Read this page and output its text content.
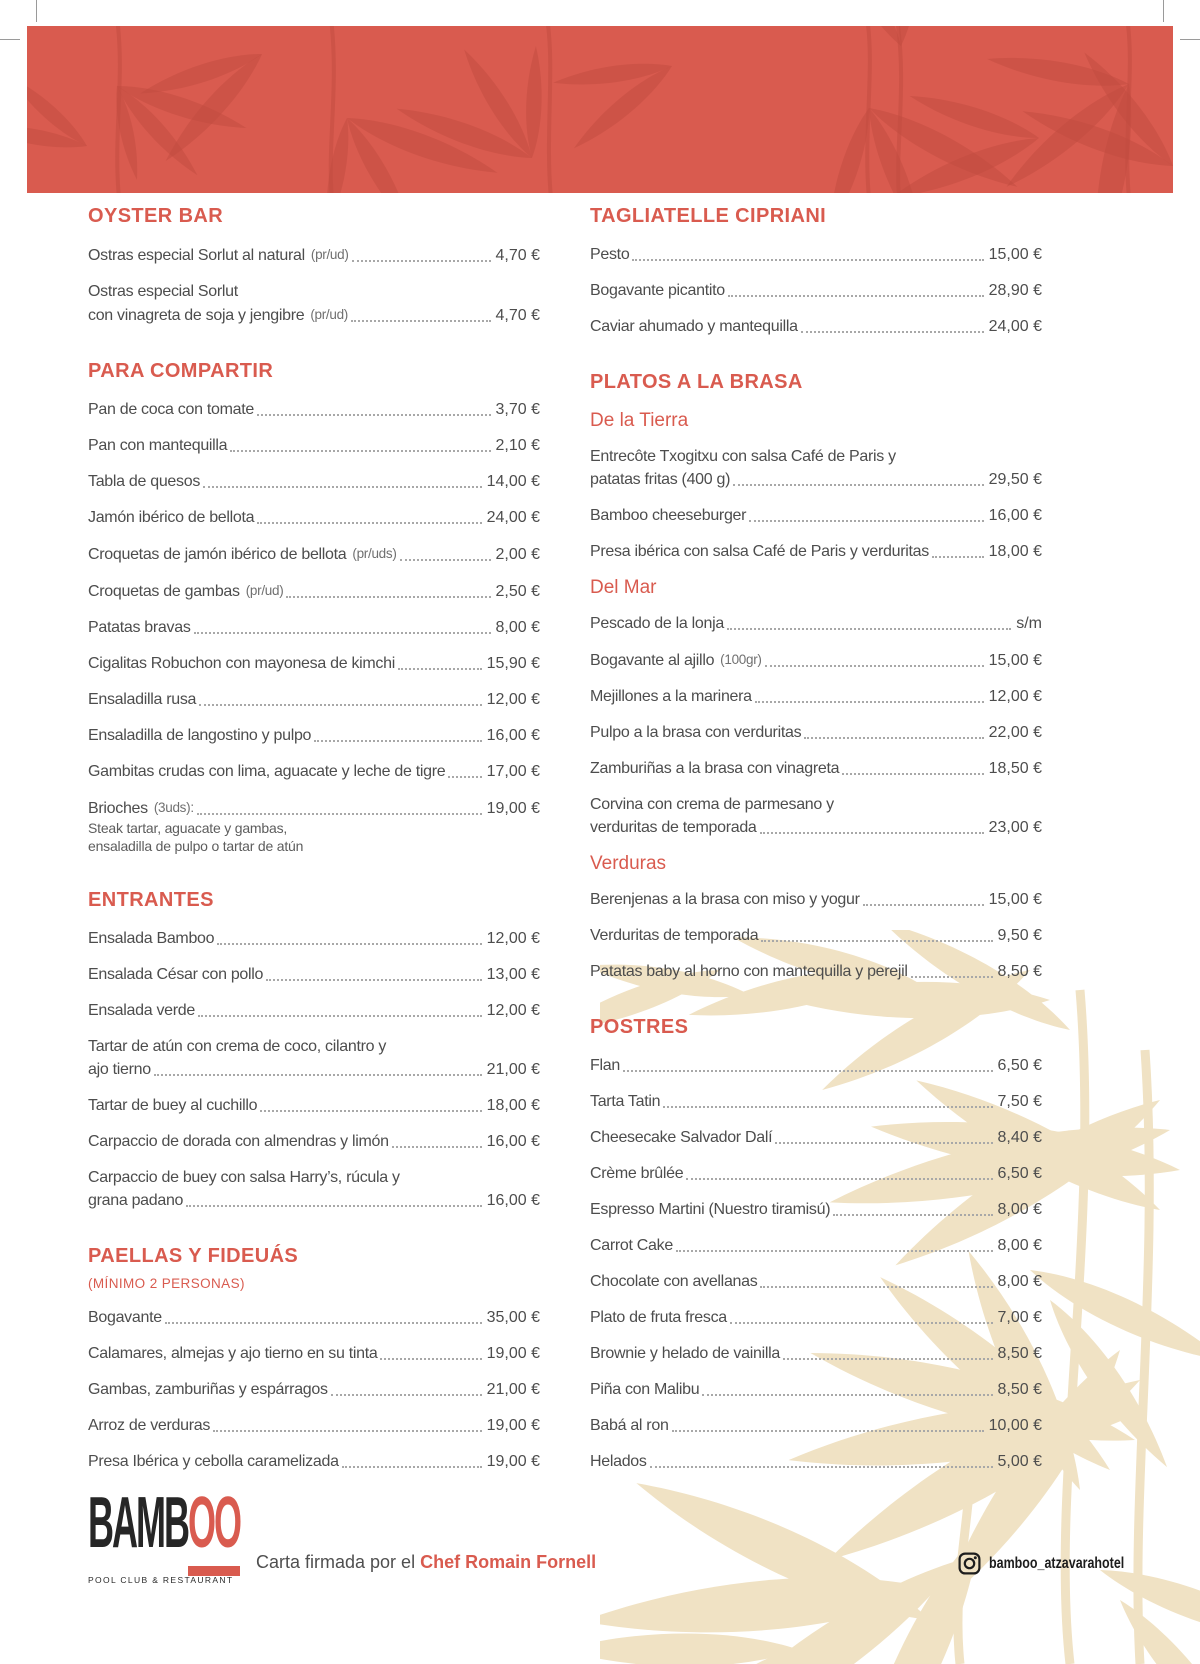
OYSTER BAR
Ostras especial Sorlut al natural (pr/ud)	4,70 €
Ostras especial Sorlut
con vinagreta de soja y jengibre (pr/ud)	4,70 €
PARA COMPARTIR
Pan de coca con tomate	3,70 €
Pan con mantequilla	2,10 €
Tabla de quesos	14,00 €
Jamón ibérico de bellota	24,00 €
Croquetas de jamón ibérico de bellota (pr/uds)	2,00 €
Croquetas de gambas (pr/ud)	2,50 €
Patatas bravas	8,00 €
Cigalitas Robuchon con mayonesa de kimchi	15,90 €
Ensaladilla rusa	12,00 €
Ensaladilla de langostino y pulpo	16,00 €
Gambitas crudas con lima, aguacate y leche de tigre	17,00 €
Brioches (3uds):	19,00 €
Steak tartar, aguacate y gambas,
ensaladilla de pulpo o tartar de atún
ENTRANTES
Ensalada Bamboo	12,00 €
Ensalada César con pollo	13,00 €
Ensalada verde	12,00 €
Tartar de atún con crema de coco, cilantro y
ajo tierno	21,00 €
Tartar de buey al cuchillo	18,00 €
Carpaccio de dorada con almendras y limón	16,00 €
Carpaccio de buey con salsa Harry’s, rúcula y
grana padano	16,00 €
PAELLAS Y FIDEUÁS
(MÍNIMO 2 PERSONAS)
Bogavante	35,00 €
Calamares, almejas y ajo tierno en su tinta	19,00 €
Gambas, zamburiñas y espárragos	21,00 €
Arroz de verduras	19,00 €
Presa Ibérica y cebolla caramelizada	19,00 €
TAGLIATELLE CIPRIANI
Pesto	15,00 €
Bogavante picantito	28,90 €
Caviar ahumado y mantequilla	24,00 €
PLATOS A LA BRASA
De la Tierra
Entrecôte Txogitxu con salsa Café de Paris y
patatas fritas (400 g)	29,50 €
Bamboo cheeseburger	16,00 €
Presa ibérica con salsa Café de Paris y verduritas	18,00 €
Del Mar
Pescado de la lonja	s/m
Bogavante al ajillo (100gr)	15,00 €
Mejillones a la marinera	12,00 €
Pulpo a la brasa con verduritas	22,00 €
Zamburiñas a la brasa con vinagreta	18,50 €
Corvina con crema de parmesano y
verduritas de temporada	23,00 €
Verduras
Berenjenas a la brasa con miso y yogur	15,00 €
Verduritas de temporada	9,50 €
Patatas baby al horno con mantequilla y perejil	8,50 €
POSTRES
Flan	6,50 €
Tarta Tatin	7,50 €
Cheesecake Salvador Dalí	8,40 €
Crème brûlée	6,50 €
Espresso Martini (Nuestro tiramisú)	8,00 €
Carrot Cake	8,00 €
Chocolate con avellanas	8,00 €
Plato de fruta fresca	7,00 €
Brownie y helado de vainilla	8,50 €
Piña con Malibu	8,50 €
Babá al ron	10,00 €
Helados	5,00 €
BAMBOO
POOL CLUB & RESTAURANT
Carta firmada por el Chef Romain Fornell	bamboo_atzavarahotel
